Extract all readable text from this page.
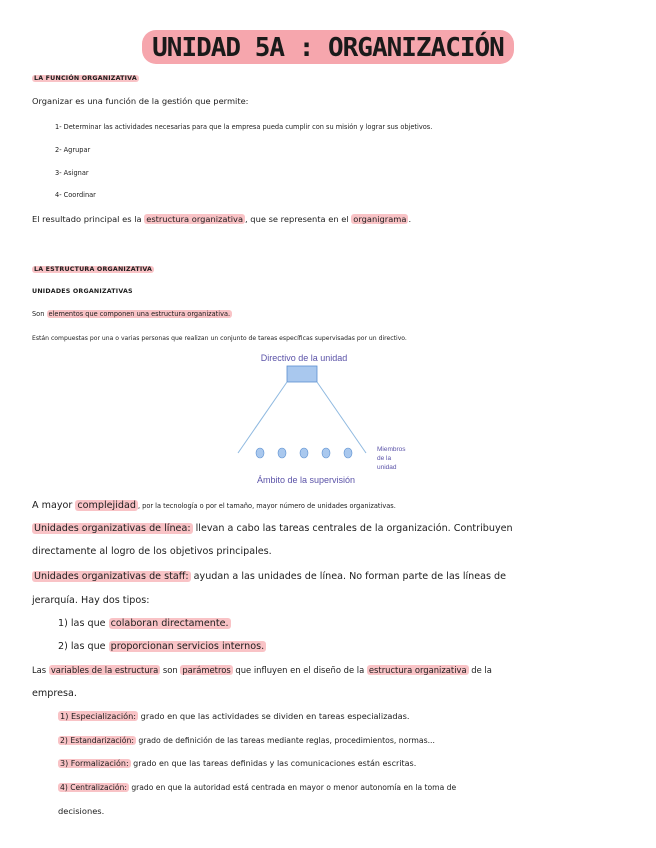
UNIDAD 5A : ORGANIZACIÓN
LA FUNCIÓN ORGANIZATIVA
Organizar es una función de la gestión que permite:
1- Determinar las actividades necesarias para que la empresa pueda cumplir con su misión y lograr sus objetivos.
2- Agrupar
3- Asignar
4- Coordinar
El resultado principal es la estructura organizativa , que se representa en el organigrama .
LA ESTRUCTURA ORGANIZATIVA
UNIDADES ORGANIZATIVAS
Son elementos que componen una estructura organizativa.
Están compuestas por una o varias personas que realizan un conjunto de tareas específicas supervisadas por un directivo.
Directivo de la unidad
Miembros
de la
unidad
Ámbito de la supervisión
A mayor complejidad , por la tecnología o por el tamaño, mayor número de unidades organizativas.
Unidades organizativas de línea: llevan a cabo las tareas centrales de la organización. Contribuyen
directamente al logro de los objetivos principales.
Unidades organizativas de staff: ayudan a las unidades de línea. No forman parte de las líneas de
jerarquía. Hay dos tipos:
1) las que colaboran directamente.
2) las que proporcionan servicios internos.
Las variables de la estructura son parámetros que influyen en el diseño de la estructura organizativa de la
empresa.
1) Especialización: grado en que las actividades se dividen en tareas especializadas.
2) Estandarización: grado de definición de las tareas mediante reglas, procedimientos, normas...
3) Formalización: grado en que las tareas definidas y las comunicaciones están escritas.
4) Centralización: grado en que la autoridad está centrada en mayor o menor autonomía en la toma de
decisiones.
